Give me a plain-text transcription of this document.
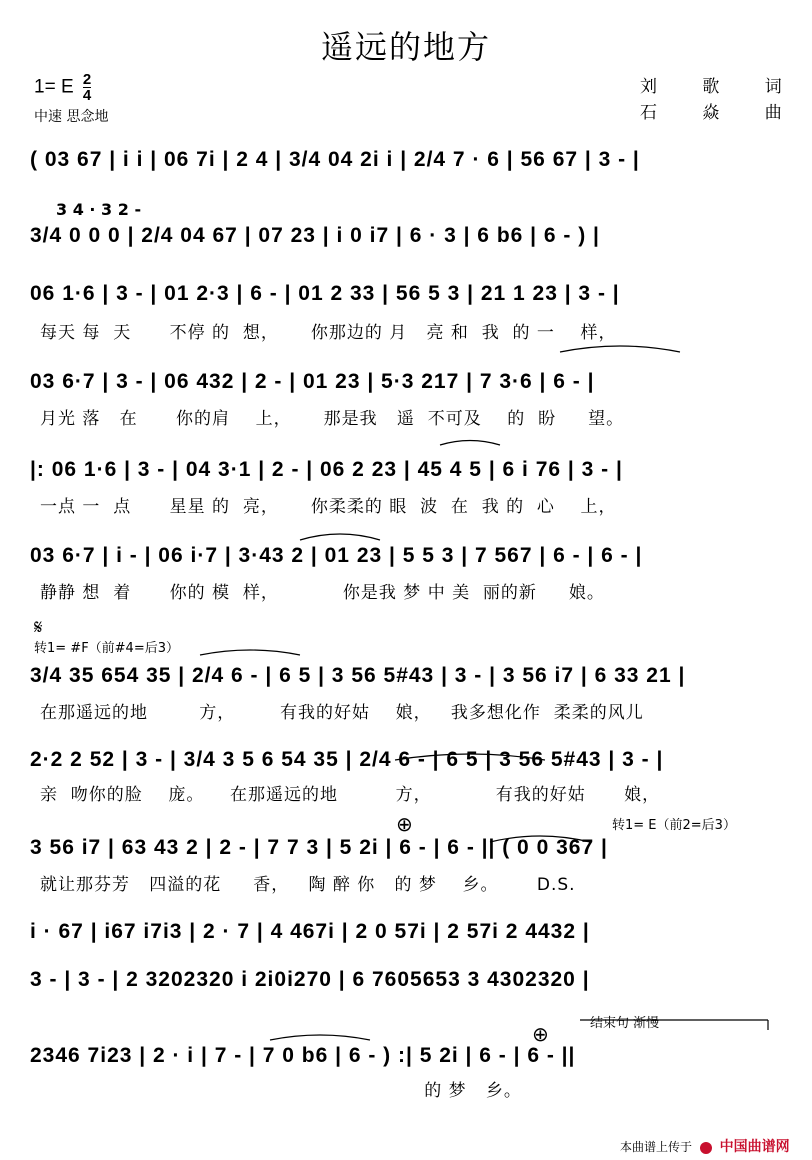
遥远的地方
1= E $\frac{2}{4}$
中速 思念地
刘 歌 词
石 焱 曲
( 03 67 | i i | 06 7i | 2 4 | 3/4 04 2i i | 2/4 7 · 6 | 56 67 | 3 - |
3 4 · 3 2 -
3/4 0 0 0 | 2/4 04 67 | 07 23 | i 0 i7 | 6 · 3 | 6 b6 | 6 - ) |
06 1·6 | 3 - | 01 2·3 | 6 - | 01 2 33 | 56 5 3 | 21 1 23 | 3 - |
每天 每  天      不停 的  想，     你那边的 月   亮 和  我  的 一    样，
03 6·7 | 3 - | 06 432 | 2 - | 01 23 | 5·3 217 | 7 3·6 | 6 - |
月光 落   在      你的肩    上，     那是我   遥  不可及    的  盼     望。
|: 06 1·6 | 3 - | 04 3·1 | 2 - | 06 2 23 | 45 4 5 | 6 i 76 | 3 - |
一点 一  点      星星 的  亮，     你柔柔的 眼  波  在  我 的  心    上，
03 6·7 | i - | 06 i·7 | 3·43 2 | 01 23 | 5 5 3 | 7 567 | 6 - | 6 - |
静静 想  着      你的 模  样，          你是我 梦 中 美  丽的新     娘。
𝄋
转1= #F（前#4=后3）
3/4 35 654 35 | 2/4 6 - | 6 5 | 3 56 5#43 | 3 - | 3 56 i7 | 6 33 21 |
在那遥远的地        方，       有我的好姑    娘，   我多想化作  柔柔的风儿
2·2 2 52 | 3 - | 3/4 3 5 6 54 35 | 2/4 6 - | 6 5 | 3 56 5#43 | 3 - |
亲  吻你的脸    庞。    在那遥远的地         方，          有我的好姑      娘，
⊕	转1= E（前2=后3）
3 56 i7 | 63 43 2 | 2 - | 7 7 3 | 5 2i | 6 - | 6 - || ( 0 0 367 |
就让那芬芳   四溢的花     香，   陶 醉 你   的 梦    乡。      D.S.
i · 67 | i67 i7i3 | 2 · 7 | 4 467i | 2 0 57i | 2 57i 2 4432 |
3 - | 3 - | 2 3202320 i 2i0i270 | 6 7605653 3 4302320 |
结束句 渐慢
⊕
2346 7i23 | 2 · i | 7 - | 7 0 b6 | 6 - ) :| 5 2i | 6 - | 6 - ||
的 梦   乡。
本曲谱上传于 中国曲谱网
